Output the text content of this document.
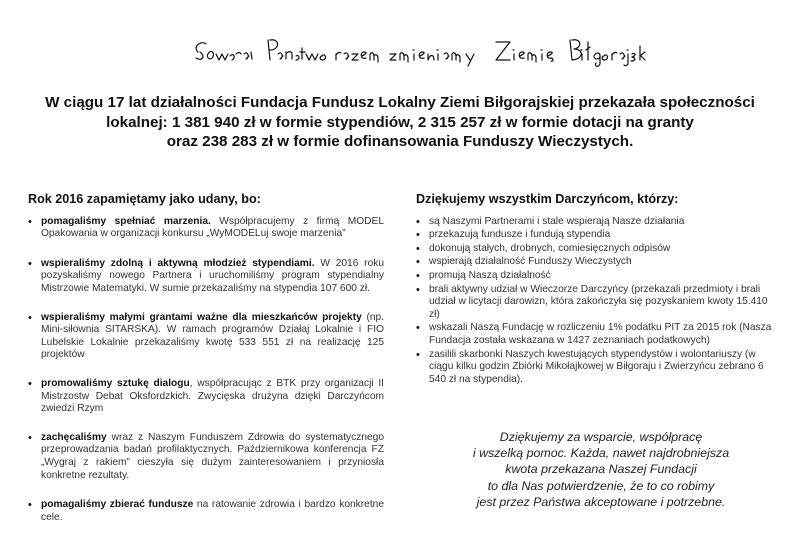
W ciągu 17 lat działalności Fundacja Fundusz Lokalny Ziemi Biłgorajskiej przekazała społeczności
lokalnej: 1 381 940 zł w formie stypendiów, 2 315 257 zł w formie dotacji na granty
oraz 238 283 zł w formie dofinansowania Funduszy Wieczystych.
Rok 2016 zapamiętamy jako udany, bo:
• pomagaliśmy spełniać marzenia. Współpracujemy z firmą MODEL Opakowania w organizacji konkursu „WyMODELuj swoje marzenia”
• wspieraliśmy zdolną i aktywną młodzież stypendiami. W 2016 roku pozyskaliśmy nowego Partnera i uruchomiliśmy program stypendialny Mistrzowie Matematyki. W sumie przekazaliśmy na stypendia 107 600 zł.
• wspieraliśmy małymi grantami ważne dla mieszkańców projekty (np. Mini-siłownia SITARSKA). W ramach programów Działaj Lokalnie i FIO Lubelskie Lokalnie przekazaliśmy kwotę 533 551 zł na realizację 125 projektów
• promowaliśmy sztukę dialogu, współpracując z BTK przy organizacji II Mistrzostw Debat Oksfordzkich. Zwycięska drużyna dzięki Darczyńcom zwiedzi Rzym
• zachęcaliśmy wraz z Naszym Funduszem Zdrowia do systematycznego przeprowadzania badań profilaktycznych. Październikowa konferencja FZ „Wygraj z rakiem” cieszyła się dużym zainteresowaniem i przyniosła konkretne rezultaty.
• pomagaliśmy zbierać fundusze na ratowanie zdrowia i bardzo konkretne cele.
Dziękujemy wszystkim Darczyńcom, którzy:
• są Naszymi Partnerami i stale wspierają Nasze działania
• przekazują fundusze i fundują stypendia
• dokonują stałych, drobnych, comiesięcznych odpisów
• wspierają działalność Funduszy Wieczystych
• promują Naszą działalność
• brali aktywny udział w Wieczorze Darczyńcy (przekazali przedmioty i brali udział w licytacji darowizn, która zakończyła się pozyskaniem kwoty 15.410 zł)
• wskazali Naszą Fundację w rozliczeniu 1% podatku PIT za 2015 rok (Nasza Fundacja została wskazana w 1427 zeznaniach podatkowych)
• zasilili skarbonki Naszych kwestujących stypendystów i wolontariuszy (w ciągu kilku godzin Zbiórki Mikołajkowej w Biłgoraju i Zwierzyńcu zebrano 6 540 zł na stypendia).
Dziękujemy za wsparcie, współpracę
i wszelką pomoc. Każda, nawet najdrobniejsza
kwota przekazana Naszej Fundacji
to dla Nas potwierdzenie, że to co robimy
jest przez Państwa akceptowane i potrzebne.
